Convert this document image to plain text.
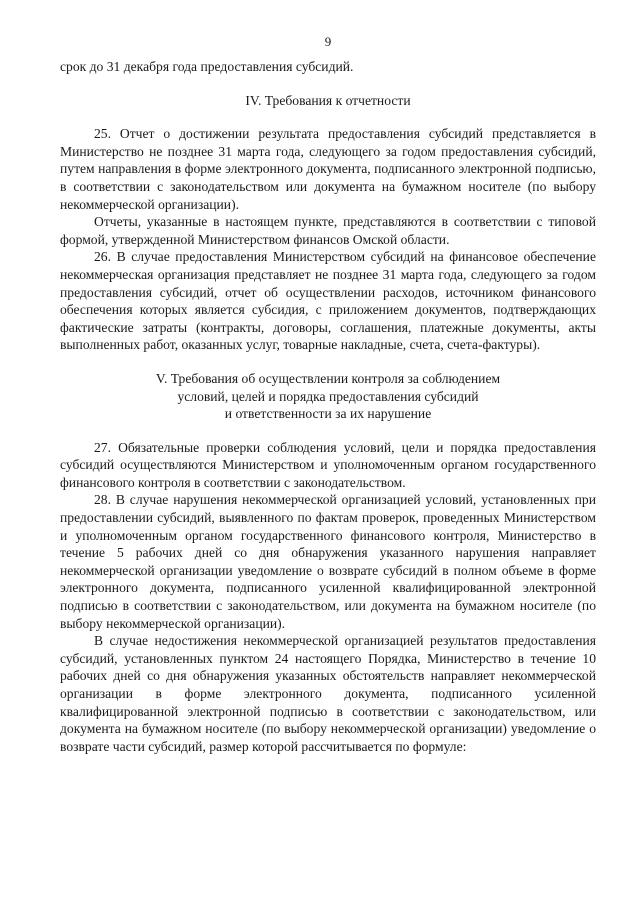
9

срок до 31 декабря года предоставления субсидий.

IV. Требования к отчетности

25. Отчет о достижении результата предоставления субсидий представляется в Министерство не позднее 31 марта года, следующего за годом предоставления субсидий, путем направления в форме электронного документа, подписанного электронной подписью, в соответствии с законодательством или документа на бумажном носителе (по выбору некоммерческой организации).

Отчеты, указанные в настоящем пункте, представляются в соответствии с типовой формой, утвержденной Министерством финансов Омской области.

26. В случае предоставления Министерством субсидий на финансовое обеспечение некоммерческая организация представляет не позднее 31 марта года, следующего за годом предоставления субсидий, отчет об осуществлении расходов, источником финансового обеспечения которых является субсидия, с приложением документов, подтверждающих фактические затраты (контракты, договоры, соглашения, платежные документы, акты выполненных работ, оказанных услуг, товарные накладные, счета, счета-фактуры).

V. Требования об осуществлении контроля за соблюдением
условий, целей и порядка предоставления субсидий
и ответственности за их нарушение

27. Обязательные проверки соблюдения условий, цели и порядка предоставления субсидий осуществляются Министерством и уполномоченным органом государственного финансового контроля в соответствии с законодательством.

28. В случае нарушения некоммерческой организацией условий, установленных при предоставлении субсидий, выявленного по фактам проверок, проведенных Министерством и уполномоченным органом государственного финансового контроля, Министерство в течение 5 рабочих дней со дня обнаружения указанного нарушения направляет некоммерческой организации уведомление о возврате субсидий в полном объеме в форме электронного документа, подписанного усиленной квалифицированной электронной подписью в соответствии с законодательством, или документа на бумажном носителе (по выбору некоммерческой организации).

В случае недостижения некоммерческой организацией результатов предоставления субсидий, установленных пунктом 24 настоящего Порядка, Министерство в течение 10 рабочих дней со дня обнаружения указанных обстоятельств направляет некоммерческой организации в форме электронного документа, подписанного усиленной квалифицированной электронной подписью в соответствии с законодательством, или документа на бумажном носителе (по выбору некоммерческой организации) уведомление о возврате части субсидий, размер которой рассчитывается по формуле:
